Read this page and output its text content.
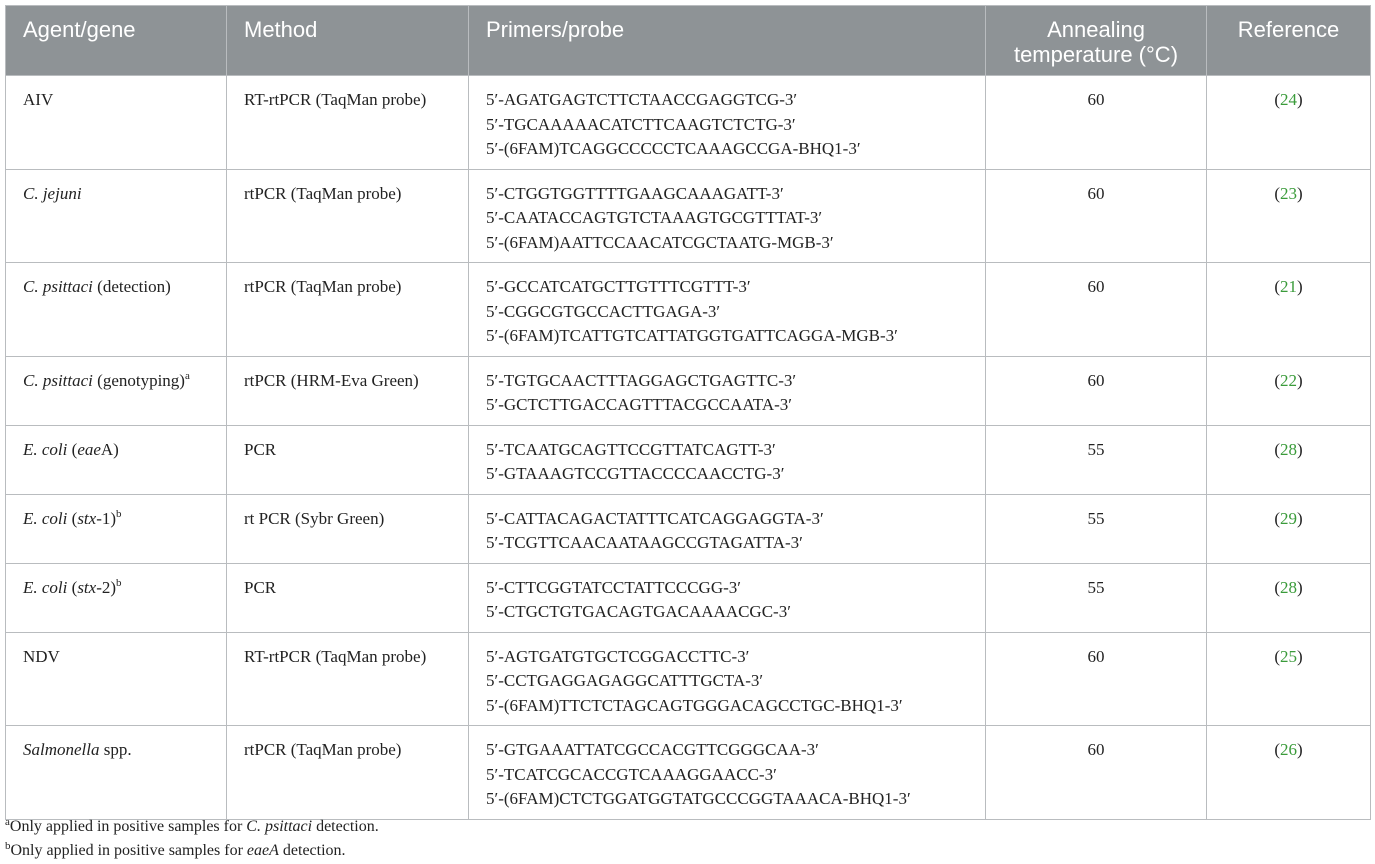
Agent/gene	Method	Primers/probe	Annealing
temperature (°C)	Reference
AIV	RT-rtPCR (TaqMan probe)	5′-AGATGAGTCTTCTAACCGAGGTCG-3′
5′-TGCAAAAACATCTTCAAGTCTCTG-3′
5′-(6FAM)TCAGGCCCCCTCAAAGCCGA-BHQ1-3′	60	(24)
C. jejuni	rtPCR (TaqMan probe)	5′-CTGGTGGTTTTGAAGCAAAGATT-3′
5′-CAATACCAGTGTCTAAAGTGCGTTTAT-3′
5′-(6FAM)AATTCCAACATCGCTAATG-MGB-3′	60	(23)
C. psittaci (detection)	rtPCR (TaqMan probe)	5′-GCCATCATGCTTGTTTCGTTT-3′
5′-CGGCGTGCCACTTGAGA-3′
5′-(6FAM)TCATTGTCATTATGGTGATTCAGGA-MGB-3′	60	(21)
C. psittaci (genotyping)$^a$	rtPCR (HRM-Eva Green)	5′-TGTGCAACTTTAGGAGCTGAGTTC-3′
5′-GCTCTTGACCAGTTTACGCCAATA-3′	60	(22)
E. coli (eaeA)	PCR	5′-TCAATGCAGTTCCGTTATCAGTT-3′
5′-GTAAAGTCCGTTACCCCAACCTG-3′	55	(28)
E. coli $(stx-1)^b$	rt PCR (Sybr Green)	5′-CATTACAGACTATTTCATCAGGAGGTA-3′
5′-TCGTTCAACAATAAGCCGTAGATTA-3′	55	(29)
E. coli $(stx-2)^b$	PCR	5′-CTTCGGTATCCTATTCCCGG-3′
5′-CTGCTGTGACAGTGACAAAACGC-3′	55	(28)
NDV	RT-rtPCR (TaqMan probe)	5′-AGTGATGTGCTCGGACCTTC-3′
5′-CCTGAGGAGAGGCATTTGCTA-3′
5′-(6FAM)TTCTCTAGCAGTGGGACAGCCTGC-BHQ1-3′	60	(25)
Salmonella spp.	rtPCR (TaqMan probe)	5′-GTGAAATTATCGCCACGTTCGGGCAA-3′
5′-TCATCGCACCGTCAAAGGAACC-3′
5′-(6FAM)CTCTGGATGGTATGCCCGGTAAACA-BHQ1-3′	60	(26)
$^a$Only applied in positive samples for C. psittaci detection.
$^b$Only applied in positive samples for eaeA detection.
